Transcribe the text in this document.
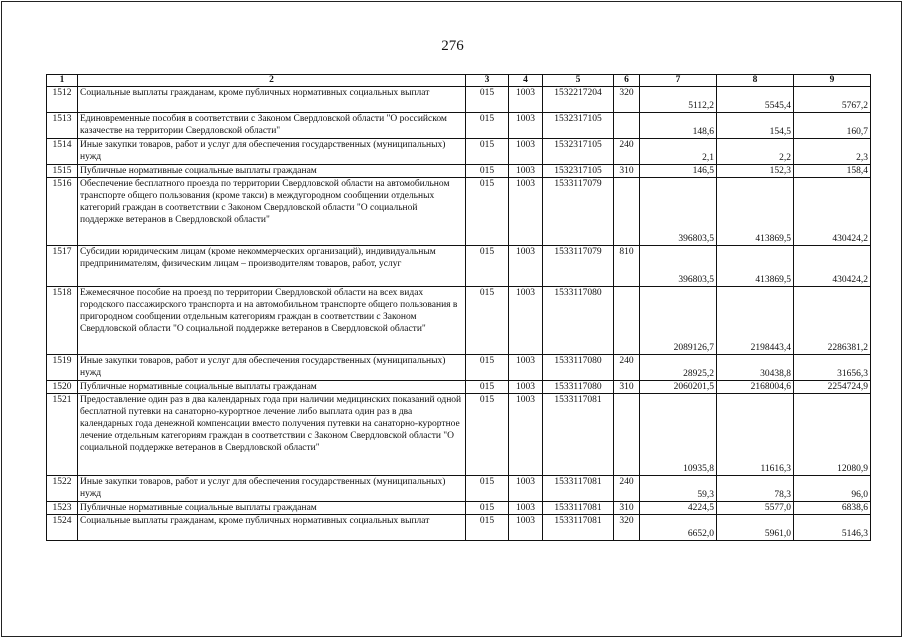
276
1	2	3	4	5	6	7	8	9
1512	Социальные выплаты гражданам, кроме публичных нормативных социальных выплат	015	1003	1532217204	320	5112,2	5545,4	5767,2
1513	Единовременные пособия в соответствии с Законом Свердловской области "О российском казачестве на территории Свердловской области"	015	1003	1532317105		148,6	154,5	160,7
1514	Иные закупки товаров, работ и услуг для обеспечения государственных (муниципальных) нужд	015	1003	1532317105	240	2,1	2,2	2,3
1515	Публичные нормативные социальные выплаты гражданам	015	1003	1532317105	310	146,5	152,3	158,4
1516	Обеспечение бесплатного проезда по территории Свердловской области на автомобильном транспорте общего пользования (кроме такси) в междугородном сообщении отдельных категорий граждан в соответствии с Законом Свердловской области "О социальной поддержке ветеранов в Свердловской области"	015	1003	1533117079		396803,5	413869,5	430424,2
1517	Субсидии юридическим лицам (кроме некоммерческих организаций), индивидуальным предпринимателям, физическим лицам – производителям товаров, работ, услуг	015	1003	1533117079	810	396803,5	413869,5	430424,2
1518	Ежемесячное пособие на проезд по территории Свердловской области на всех видах городского пассажирского транспорта и на автомобильном транспорте общего пользования в пригородном сообщении отдельным категориям граждан в соответствии с Законом Свердловской области "О социальной поддержке ветеранов в Свердловской области"	015	1003	1533117080		2089126,7	2198443,4	2286381,2
1519	Иные закупки товаров, работ и услуг для обеспечения государственных (муниципальных) нужд	015	1003	1533117080	240	28925,2	30438,8	31656,3
1520	Публичные нормативные социальные выплаты гражданам	015	1003	1533117080	310	2060201,5	2168004,6	2254724,9
1521	Предоставление один раз в два календарных года при наличии медицинских показаний одной бесплатной путевки на санаторно-курортное лечение либо выплата один раз в два календарных года денежной компенсации вместо получения путевки на санаторно-курортное лечение отдельным категориям граждан в соответствии с Законом Свердловской области "О социальной поддержке ветеранов в Свердловской области"	015	1003	1533117081		10935,8	11616,3	12080,9
1522	Иные закупки товаров, работ и услуг для обеспечения государственных (муниципальных) нужд	015	1003	1533117081	240	59,3	78,3	96,0
1523	Публичные нормативные социальные выплаты гражданам	015	1003	1533117081	310	4224,5	5577,0	6838,6
1524	Социальные выплаты гражданам, кроме публичных нормативных социальных выплат	015	1003	1533117081	320	6652,0	5961,0	5146,3
